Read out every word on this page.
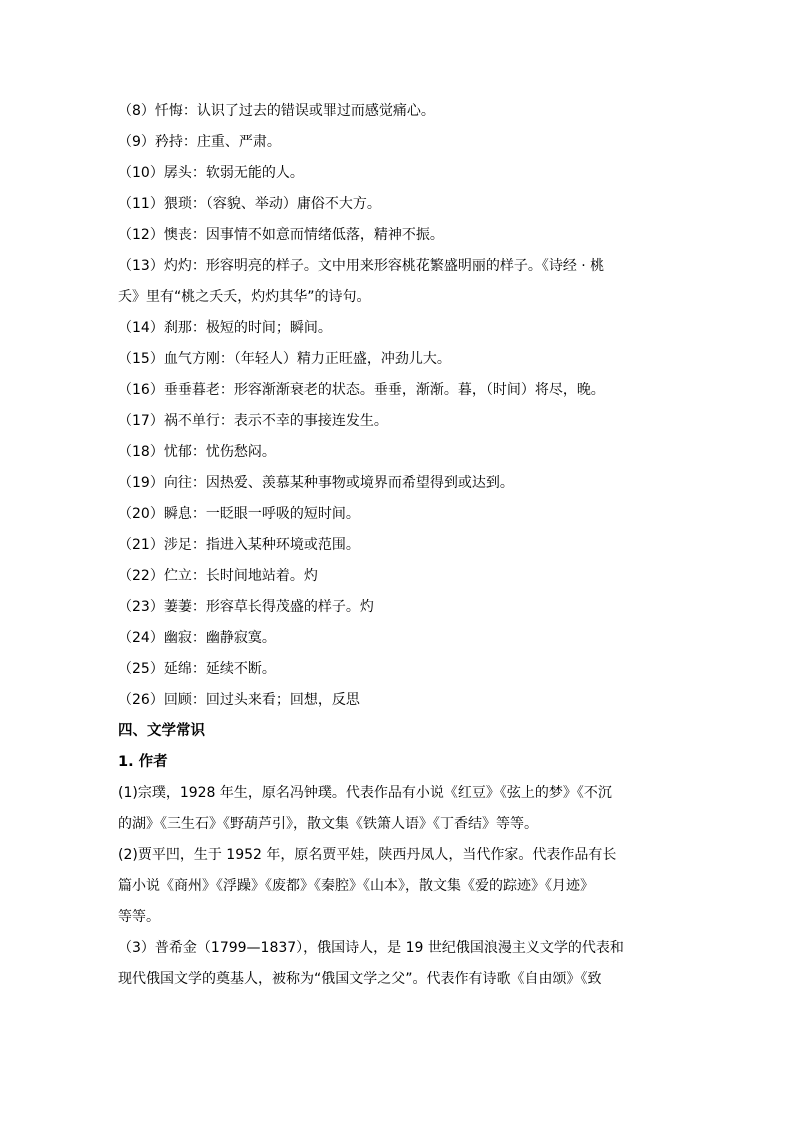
（8）忏悔：认识了过去的错误或罪过而感觉痛心。
（9）矜持：庄重、严肃。
（10）孱头：软弱无能的人。
（11）猥琐：（容貌、举动）庸俗不大方。
（12）懊丧：因事情不如意而情绪低落，精神不振。
（13）灼灼：形容明亮的样子。文中用来形容桃花繁盛明丽的样子。《诗经 · 桃
夭》里有“桃之夭夭，灼灼其华”的诗句。
（14）刹那：极短的时间；瞬间。
（15）血气方刚：（年轻人）精力正旺盛，冲劲儿大。
（16）垂垂暮老：形容渐渐衰老的状态。垂垂，渐渐。暮，（时间）将尽，晚。
（17）祸不单行：表示不幸的事接连发生。
（18）忧郁：忧伤愁闷。
（19）向往：因热爱、羡慕某种事物或境界而希望得到或达到。
（20）瞬息：一眨眼一呼吸的短时间。
（21）涉足：指进入某种环境或范围。
（22）伫立：长时间地站着。灼
（23）萋萋：形容草长得茂盛的样子。灼
（24）幽寂：幽静寂寞。
（25）延绵：延续不断。
（26）回顾：回过头来看；回想，反思
四、文学常识
1. 作者
(1)宗璞，1928 年生，原名冯钟璞。代表作品有小说《红豆》《弦上的梦》《不沉
的湖》《三生石》《野葫芦引》，散文集《铁箫人语》《丁香结》等等。
(2)贾平凹，生于 1952 年，原名贾平娃，陕西丹凤人，当代作家。代表作品有长
篇小说《商州》《浮躁》《废都》《秦腔》《山本》，散文集《爱的踪迹》《月迹》
等等。
（3）普希金（1799—1837），俄国诗人，是 19 世纪俄国浪漫主义文学的代表和
现代俄国文学的奠基人，被称为“俄国文学之父”。代表作有诗歌《自由颂》《致
